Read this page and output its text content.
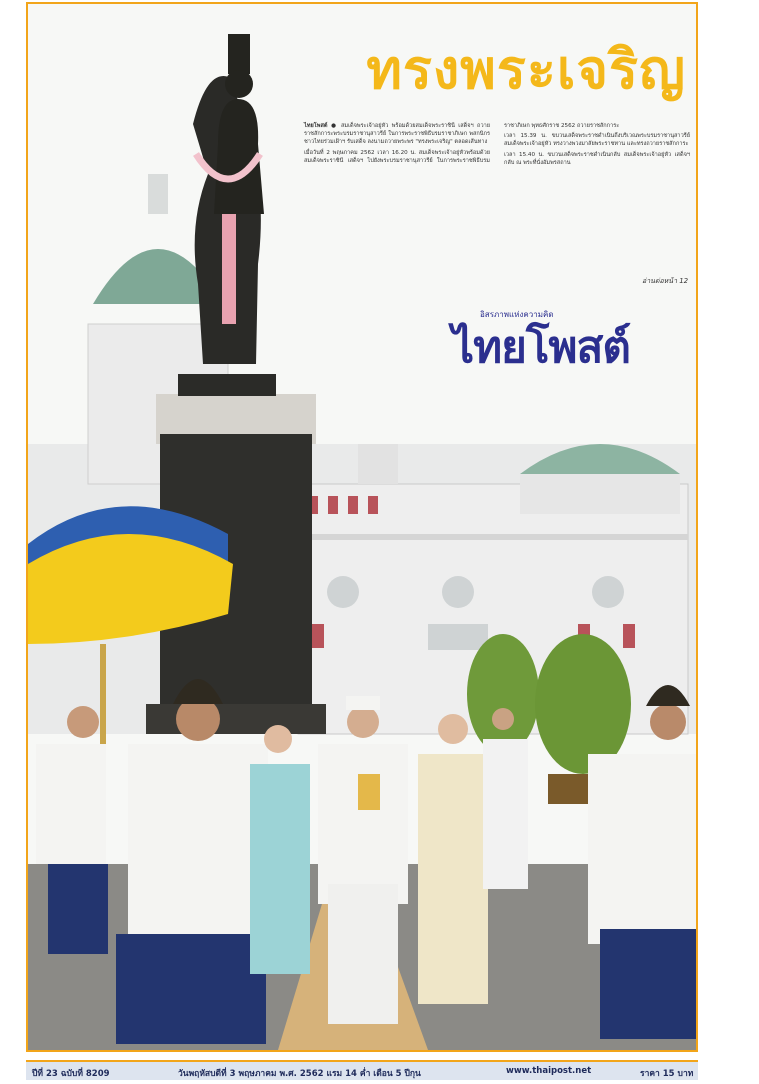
ทรงพระเจริญ

ไทยโพสต์ ● สมเด็จพระเจ้าอยู่หัว พร้อมด้วยสมเด็จพระราชินี เสด็จฯ ถวายราชสักการะพระบรมราชานุสาวรีย์ ในการพระราชพิธีบรมราชาภิเษก พสกนิกรชาวไทยร่วมเฝ้าฯ รับเสด็จ ลงนามถวายพระพร "ทรงพระเจริญ" ตลอดเส้นทาง

เมื่อวันที่ 2 พฤษภาคม 2562 เวลา 16.20 น. สมเด็จพระเจ้าอยู่หัวพร้อมด้วยสมเด็จพระราชินี เสด็จฯ ไปยังพระบรมราชานุสาวรีย์ ในการพระราชพิธีบรมราชาภิเษก พุทธศักราช 2562 ถวายราชสักการะ

เวลา 15.39 น. ขบวนเสด็จพระราชดำเนินถึงบริเวณพระบรมราชานุสาวรีย์ สมเด็จพระเจ้าอยู่หัว ทรงวางพวงมาลัยพระราชทาน และทรงถวายราชสักการะ

เวลา 15.40 น. ขบวนเสด็จพระราชดำเนินกลับ สมเด็จพระเจ้าอยู่หัว เสด็จฯ กลับ ณ พระที่นั่งอัมพรสถาน

อ่านต่อหน้า 12
อิสรภาพแห่งความคิด
ไทยโพสต์
ปีที่ 23 ฉบับที่ 8209	วันพฤหัสบดีที่ 3 พฤษภาคม พ.ศ. 2562 แรม 14 ค่ำ เดือน 5 ปีกุน	www.thaipost.net	ราคา 15 บาท
